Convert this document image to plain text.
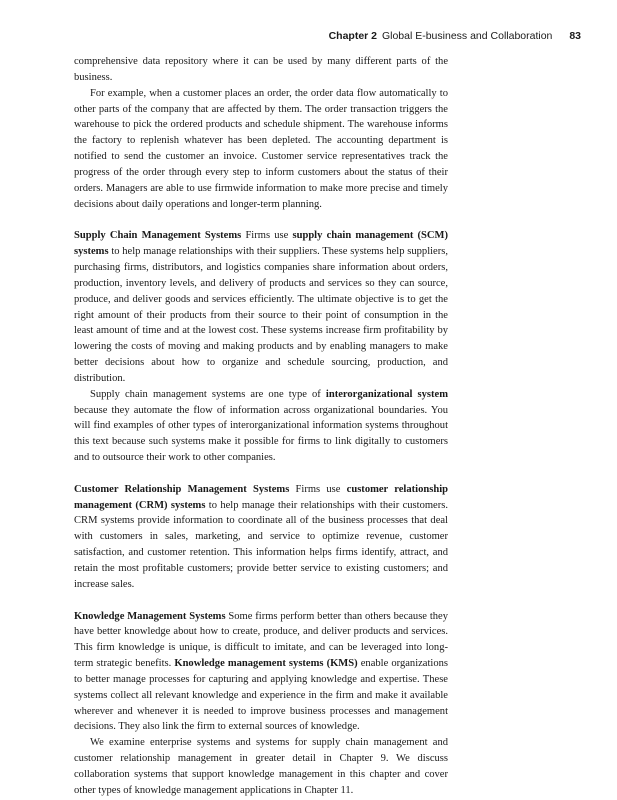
Chapter 2 Global E-business and Collaboration 83

comprehensive data repository where it can be used by many different parts of the business.

For example, when a customer places an order, the order data flow automatically to other parts of the company that are affected by them. The order transaction triggers the warehouse to pick the ordered products and schedule shipment. The warehouse informs the factory to replenish whatever has been depleted. The accounting department is notified to send the customer an invoice. Customer service representatives track the progress of the order through every step to inform customers about the status of their orders. Managers are able to use firmwide information to make more precise and timely decisions about daily operations and longer-term planning.

Supply Chain Management Systems Firms use supply chain management (SCM) systems to help manage relationships with their suppliers. These systems help suppliers, purchasing firms, distributors, and logistics companies share information about orders, production, inventory levels, and delivery of products and services so they can source, produce, and deliver goods and services efficiently. The ultimate objective is to get the right amount of their products from their source to their point of consumption in the least amount of time and at the lowest cost. These systems increase firm profitability by lowering the costs of moving and making products and by enabling managers to make better decisions about how to organize and schedule sourcing, production, and distribution.

Supply chain management systems are one type of interorganizational system because they automate the flow of information across organizational boundaries. You will find examples of other types of interorganizational information systems throughout this text because such systems make it possible for firms to link digitally to customers and to outsource their work to other companies.

Customer Relationship Management Systems Firms use customer relationship management (CRM) systems to help manage their relationships with their customers. CRM systems provide information to coordinate all of the business processes that deal with customers in sales, marketing, and service to optimize revenue, customer satisfaction, and customer retention. This information helps firms identify, attract, and retain the most profitable customers; provide better service to existing customers; and increase sales.

Knowledge Management Systems Some firms perform better than others because they have better knowledge about how to create, produce, and deliver products and services. This firm knowledge is unique, is difficult to imitate, and can be leveraged into long-term strategic benefits. Knowledge management systems (KMS) enable organizations to better manage processes for capturing and applying knowledge and expertise. These systems collect all relevant knowledge and experience in the firm and make it available wherever and whenever it is needed to improve business processes and management decisions. They also link the firm to external sources of knowledge.

We examine enterprise systems and systems for supply chain management and customer relationship management in greater detail in Chapter 9. We discuss collaboration systems that support knowledge management in this chapter and cover other types of knowledge management applications in Chapter 11.
